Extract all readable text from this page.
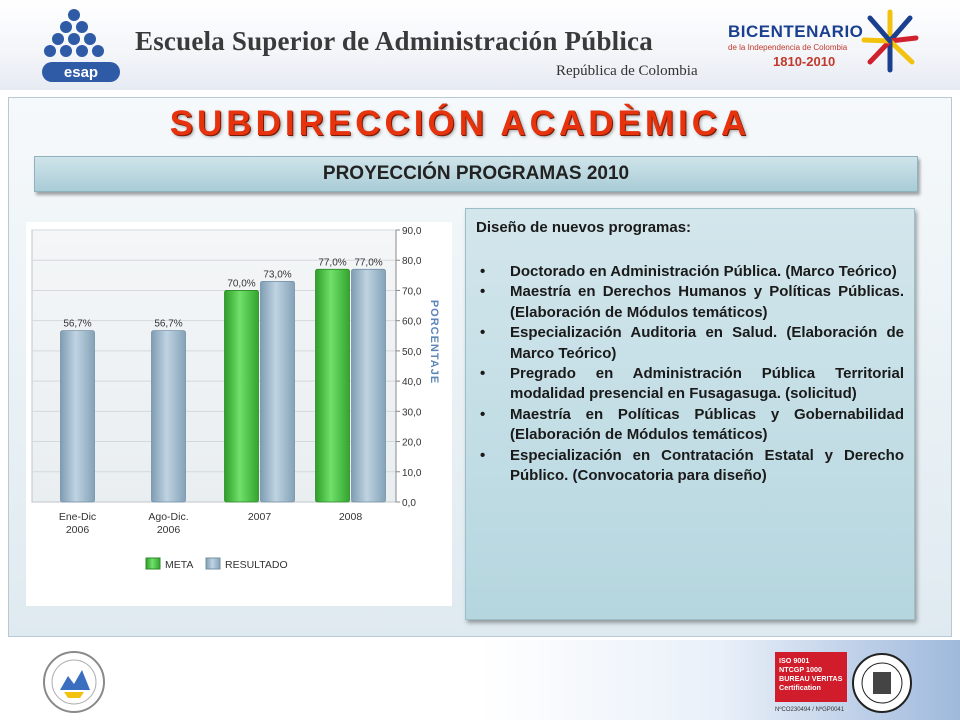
esap
Escuela Superior de Administración Pública
República de Colombia
BICENTENARIO
de la Independencia de Colombia
1810-2010
SUBDIRECCIÓN ACADÈMICA
PROYECCIÓN PROGRAMAS 2010
56,7%	56,7%
70,0%
73,0%
77,0% 77,0%
0,0
10,0
20,0
30,0
40,0
50,0
60,0
70,0
80,0
90,0
Ene-Dic
2006
Ago-Dic.
2006
2007	2008
PORCENTAJE
META	RESULTADO
Diseño de nuevos programas:
• Doctorado en Administración Pública. (Marco Teórico)
• Maestría en Derechos Humanos y Políticas Públicas. (Elaboración de Módulos temáticos)
• Especialización Auditoria en Salud. (Elaboración de Marco Teórico)
• Pregrado en Administración Pública Territorial modalidad presencial en Fusagasuga. (solicitud)
• Maestría en Políticas Públicas y Gobernabilidad (Elaboración de Módulos temáticos)
• Especialización en Contratación Estatal y Derecho Público. (Convocatoria para diseño)
ISO 9001
NTCGP 1000
BUREAU VERITAS
Certification
NºCO230494 / NºGP0041
